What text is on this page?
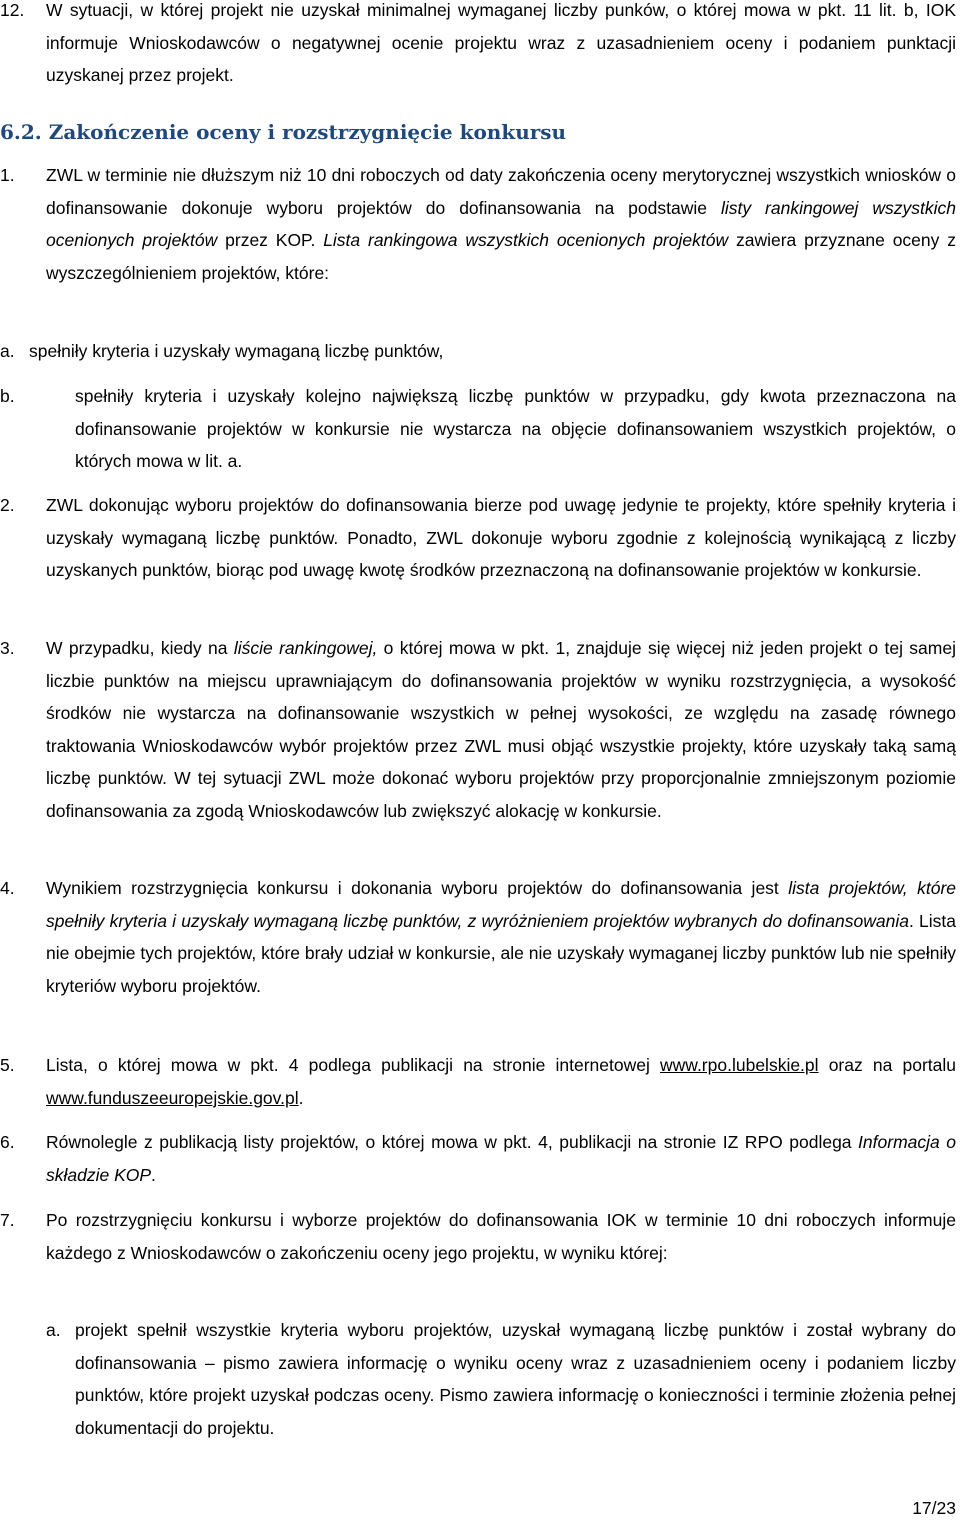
12. W sytuacji, w której projekt nie uzyskał minimalnej wymaganej liczby punków, o której mowa w pkt. 11 lit. b, IOK informuje Wnioskodawców o negatywnej ocenie projektu wraz z uzasadnieniem oceny i podaniem punktacji uzyskanej przez projekt.

6.2. Zakończenie oceny i rozstrzygnięcie konkursu

1. ZWL w terminie nie dłuższym niż 10 dni roboczych od daty zakończenia oceny merytorycznej wszystkich wniosków o dofinansowanie dokonuje wyboru projektów do dofinansowania na podstawie listy rankingowej wszystkich ocenionych projektów przez KOP. Lista rankingowa wszystkich ocenionych projektów zawiera przyznane oceny z wyszczególnieniem projektów, które:

a. spełniły kryteria i uzyskały wymaganą liczbę punktów,

b.	spełniły kryteria i uzyskały kolejno największą liczbę punktów w przypadku, gdy kwota przeznaczona na dofinansowanie projektów w konkursie nie wystarcza na objęcie dofinansowaniem wszystkich projektów, o których mowa w lit. a.

2. ZWL dokonując wyboru projektów do dofinansowania bierze pod uwagę jedynie te projekty, które spełniły kryteria i uzyskały wymaganą liczbę punktów. Ponadto, ZWL dokonuje wyboru zgodnie z kolejnością wynikającą z liczby uzyskanych punktów, biorąc pod uwagę kwotę środków przeznaczoną na dofinansowanie projektów w konkursie.

3. W przypadku, kiedy na liście rankingowej, o której mowa w pkt. 1, znajduje się więcej niż jeden projekt o tej samej liczbie punktów na miejscu uprawniającym do dofinansowania projektów w wyniku rozstrzygnięcia, a wysokość środków nie wystarcza na dofinansowanie wszystkich w pełnej wysokości, ze względu na zasadę równego traktowania Wnioskodawców wybór projektów przez ZWL musi objąć wszystkie projekty, które uzyskały taką samą liczbę punktów. W tej sytuacji ZWL może dokonać wyboru projektów przy proporcjonalnie zmniejszonym poziomie dofinansowania za zgodą Wnioskodawców lub zwiększyć alokację w konkursie.

4. Wynikiem rozstrzygnięcia konkursu i dokonania wyboru projektów do dofinansowania jest lista projektów, które spełniły kryteria i uzyskały wymaganą liczbę punktów, z wyróżnieniem projektów wybranych do dofinansowania. Lista nie obejmie tych projektów, które brały udział w konkursie, ale nie uzyskały wymaganej liczby punktów lub nie spełniły kryteriów wyboru projektów.

5. Lista, o której mowa w pkt. 4 podlega publikacji na stronie internetowej www.rpo.lubelskie.pl oraz na portalu www.funduszeeuropejskie.gov.pl.

6. Równolegle z publikacją listy projektów, o której mowa w pkt. 4, publikacji na stronie IZ RPO podlega Informacja o składzie KOP.

7. Po rozstrzygnięciu konkursu i wyborze projektów do dofinansowania IOK w terminie 10 dni roboczych informuje każdego z Wnioskodawców o zakończeniu oceny jego projektu, w wyniku której:

a. projekt spełnił wszystkie kryteria wyboru projektów, uzyskał wymaganą liczbę punktów i został wybrany do dofinansowania – pismo zawiera informację o wyniku oceny wraz z uzasadnieniem oceny i podaniem liczby punktów, które projekt uzyskał podczas oceny. Pismo zawiera informację o konieczności i terminie złożenia pełnej dokumentacji do projektu.

17/23
